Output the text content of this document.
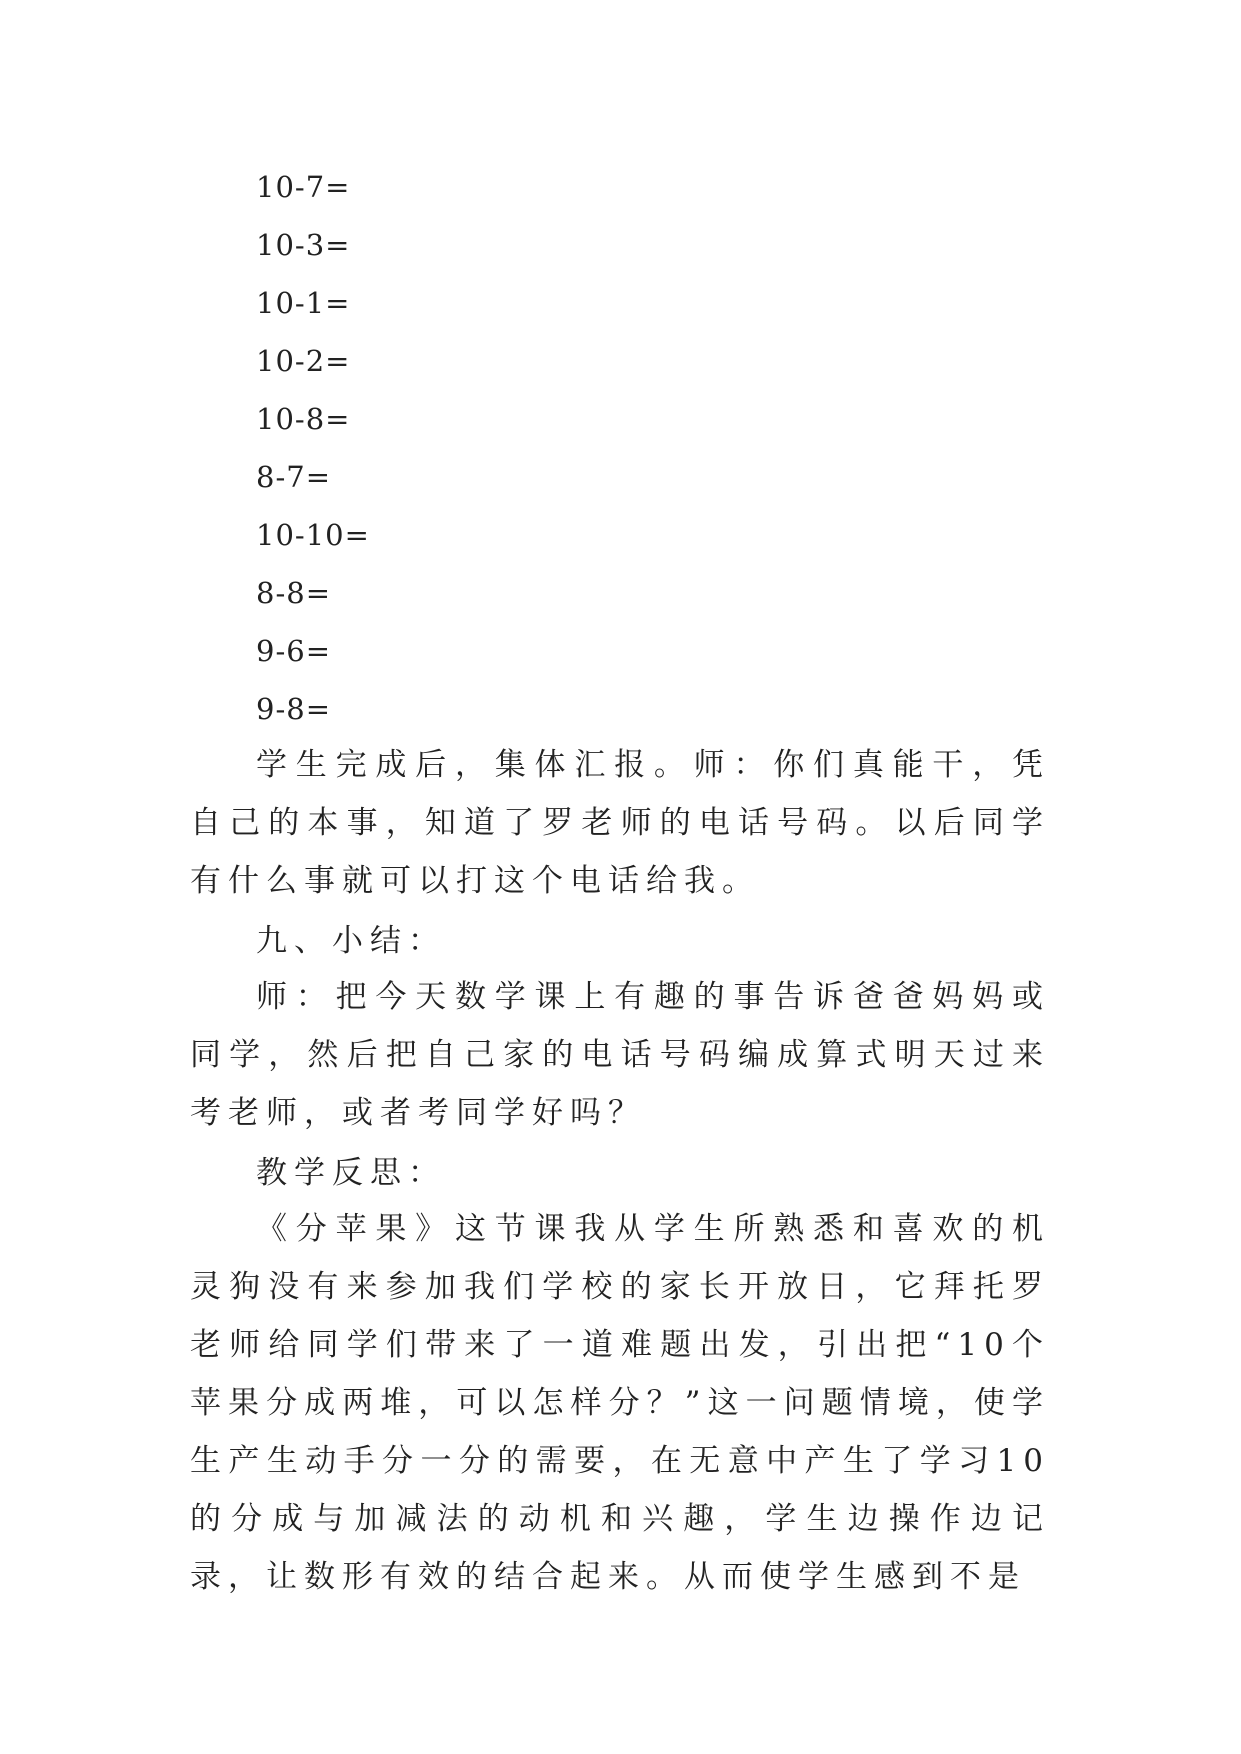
10-7=
10-3=
10-1=
10-2=
10-8=
8-7=
10-10=
8-8=
9-6=
9-8=
学生完成后，集体汇报。师：你们真能干，凭自己的本事，知道了罗老师的电话号码。以后同学有什么事就可以打这个电话给我。
九、小结：
师：把今天数学课上有趣的事告诉爸爸妈妈或同学，然后把自己家的电话号码编成算式明天过来考老师，或者考同学好吗？
教学反思：
《分苹果》这节课我从学生所熟悉和喜欢的机灵狗没有来参加我们学校的家长开放日，它拜托罗老师给同学们带来了一道难题出发，引出把“10个苹果分成两堆，可以怎样分？”这一问题情境，使学生产生动手分一分的需要，在无意中产生了学习10的分成与加减法的动机和兴趣，学生边操作边记录，让数形有效的结合起来。从而使学生感到不是
